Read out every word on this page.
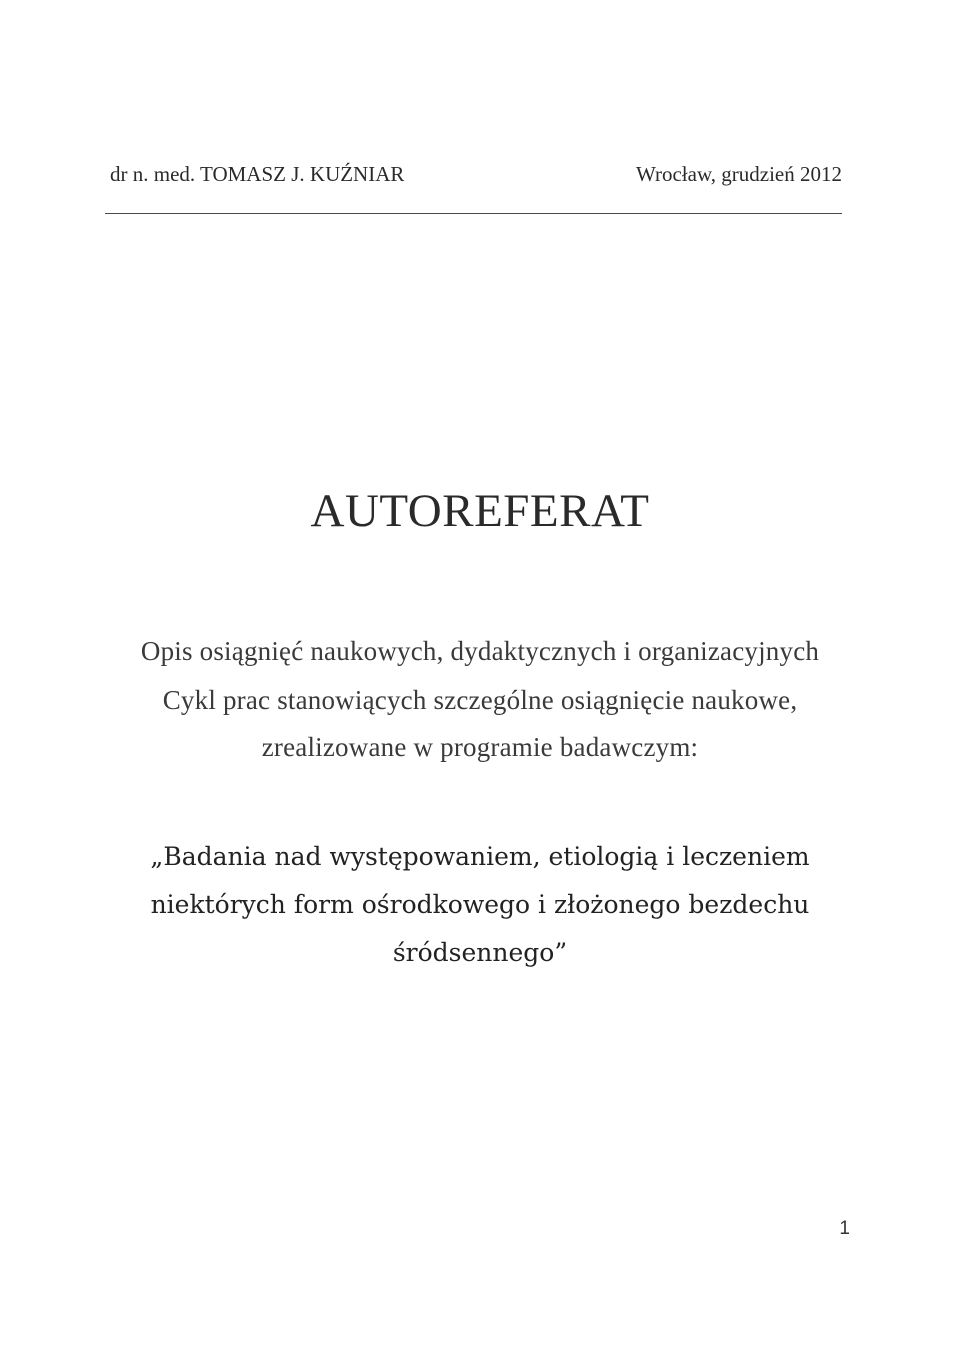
dr n. med. TOMASZ J. KUŹNIAR	Wrocław, grudzień 2012
AUTOREFERAT
Opis osiągnięć naukowych, dydaktycznych i organizacyjnych
Cykl prac stanowiących szczególne osiągnięcie naukowe,
zrealizowane w programie badawczym:
„Badania nad występowaniem, etiologią i leczeniem
niektórych form ośrodkowego i złożonego bezdechu
śródsennego”
1
